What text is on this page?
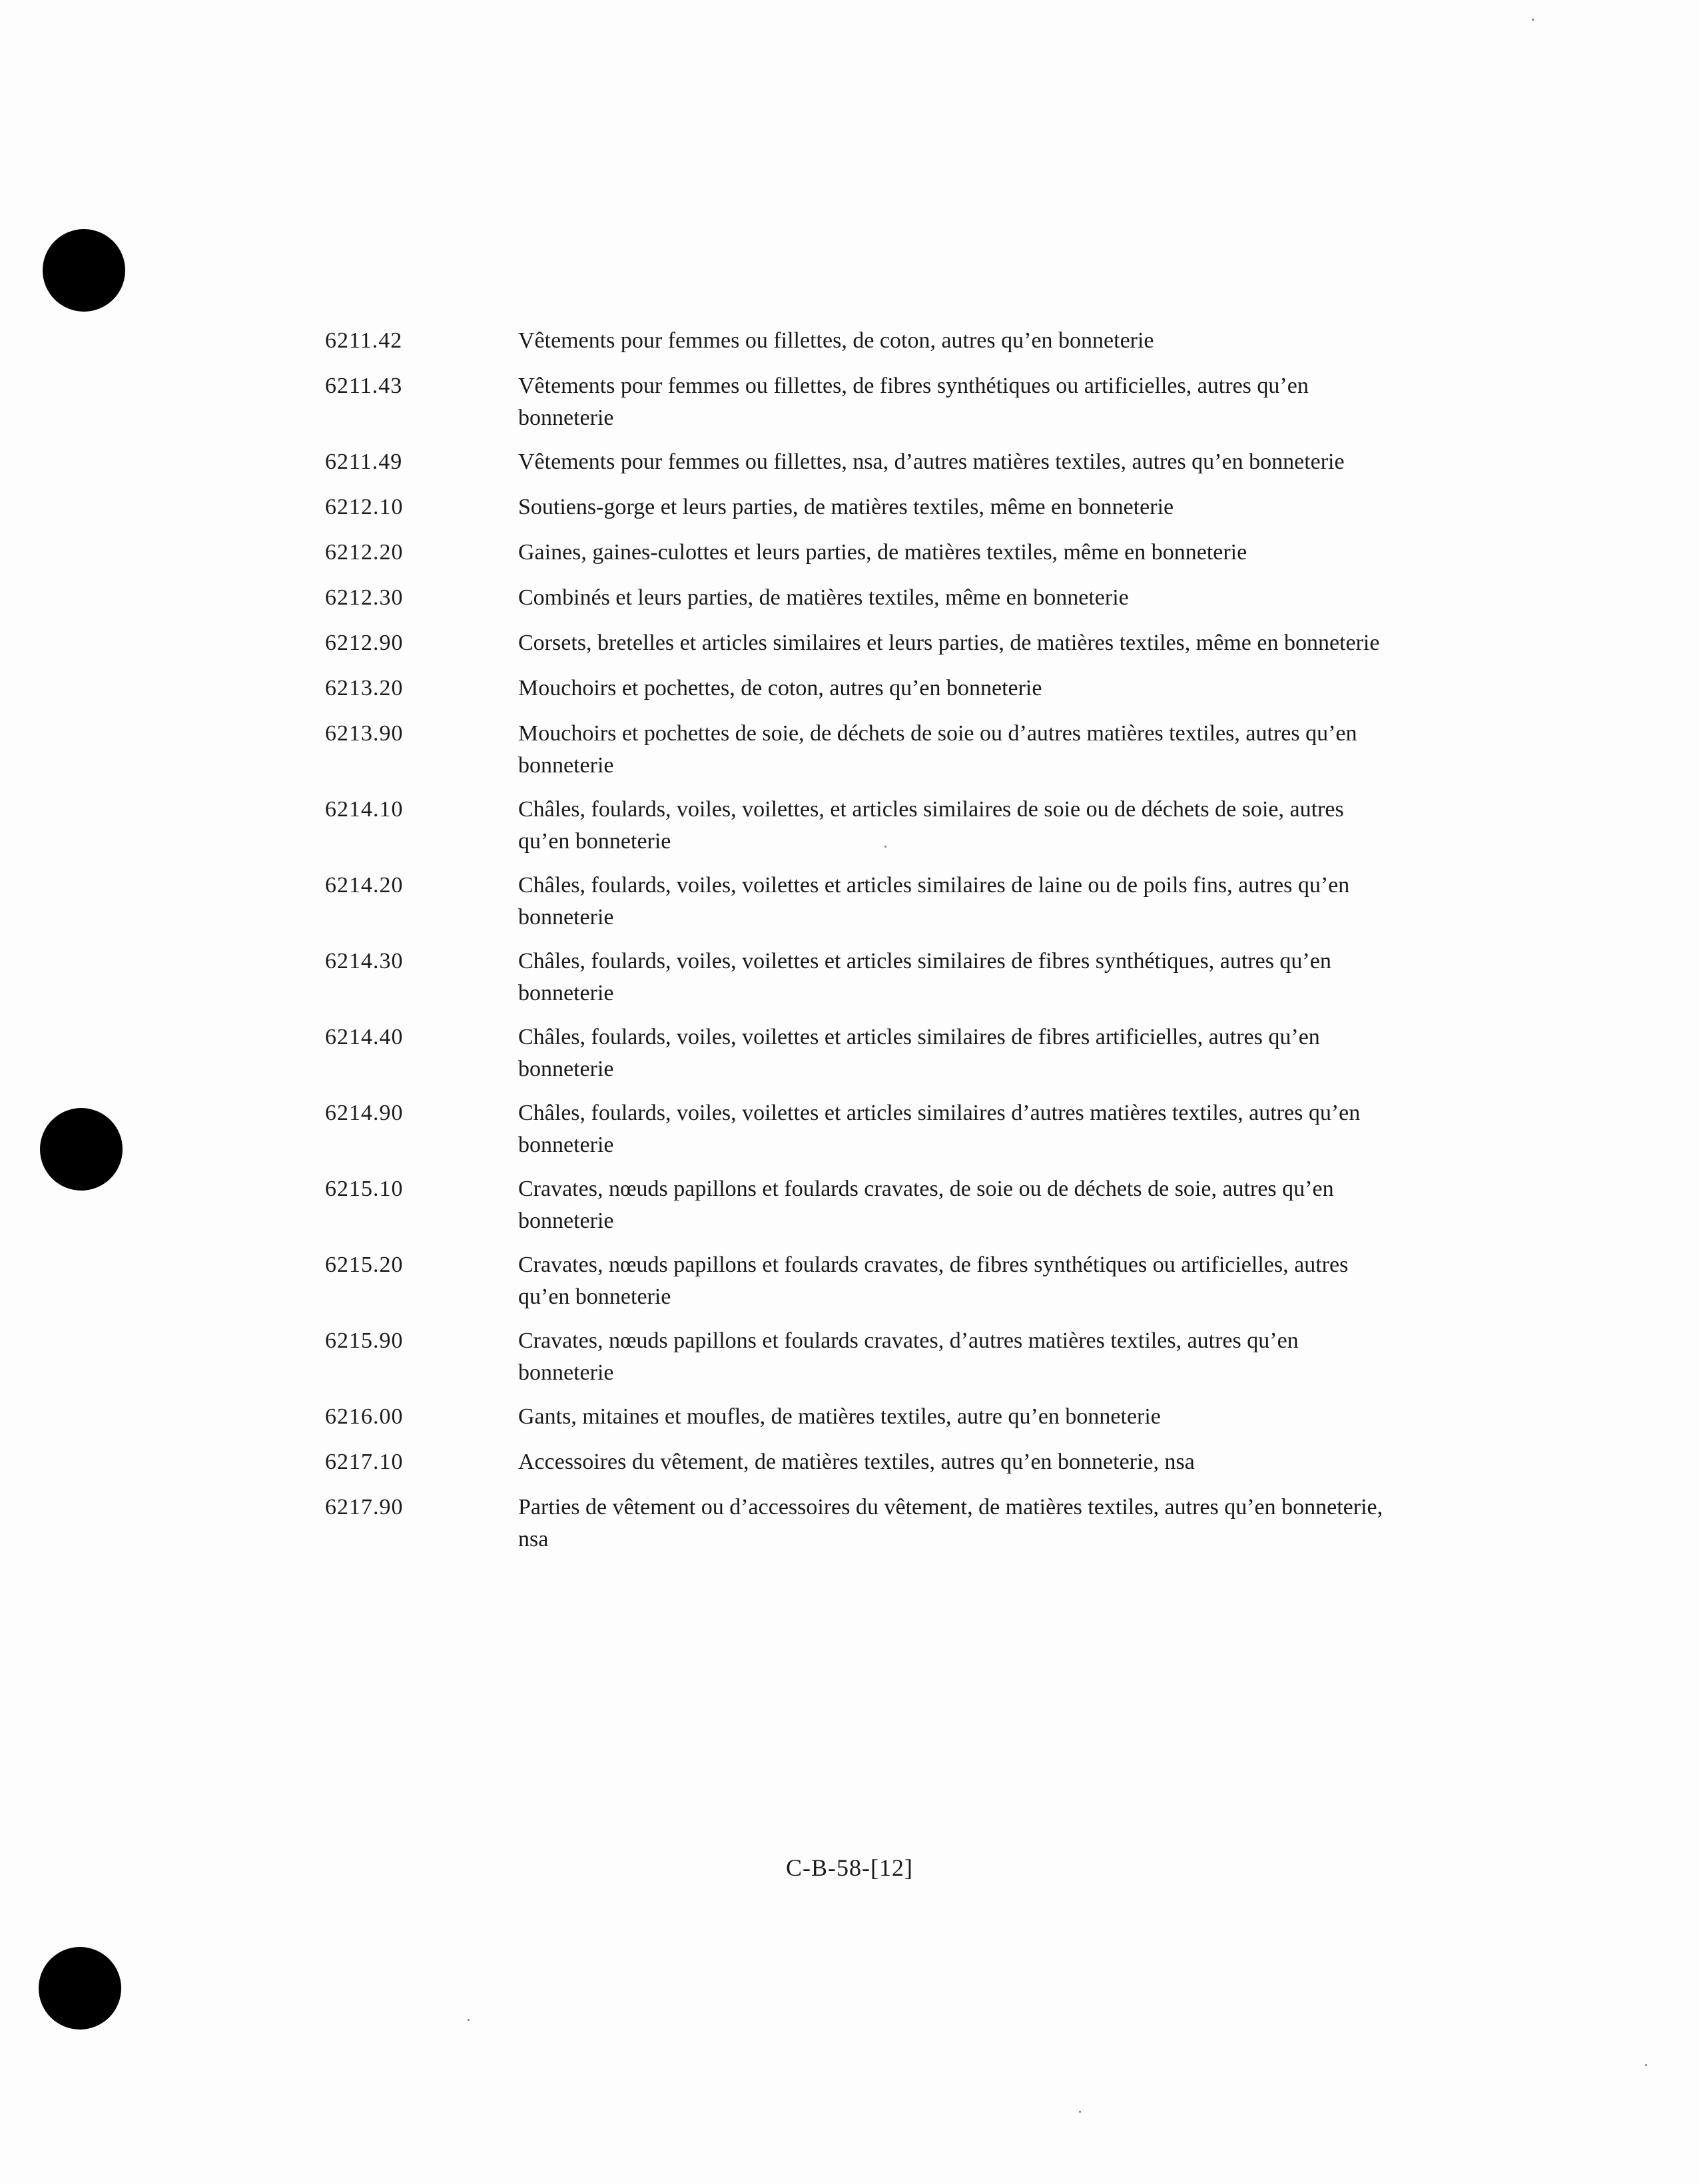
6211.42	Vêtements pour femmes ou fillettes, de coton, autres qu’en bonneterie
6211.43	Vêtements pour femmes ou fillettes, de fibres synthétiques ou artificielles, autres qu’en bonneterie
6211.49	Vêtements pour femmes ou fillettes, nsa, d’autres matières textiles, autres qu’en bonneterie
6212.10	Soutiens-gorge et leurs parties, de matières textiles, même en bonneterie
6212.20	Gaines, gaines-culottes et leurs parties, de matières textiles, même en bonneterie
6212.30	Combinés et leurs parties, de matières textiles, même en bonneterie
6212.90	Corsets, bretelles et articles similaires et leurs parties, de matières textiles, même en bonneterie
6213.20	Mouchoirs et pochettes, de coton, autres qu’en bonneterie
6213.90	Mouchoirs et pochettes de soie, de déchets de soie ou d’autres matières textiles, autres qu’en bonneterie
6214.10	Châles, foulards, voiles, voilettes, et articles similaires de soie ou de déchets de soie, autres qu’en bonneterie
6214.20	Châles, foulards, voiles, voilettes et articles similaires de laine ou de poils fins, autres qu’en bonneterie
6214.30	Châles, foulards, voiles, voilettes et articles similaires de fibres synthétiques, autres qu’en bonneterie
6214.40	Châles, foulards, voiles, voilettes et articles similaires de fibres artificielles, autres qu’en bonneterie
6214.90	Châles, foulards, voiles, voilettes et articles similaires d’autres matières textiles, autres qu’en bonneterie
6215.10	Cravates, nœuds papillons et foulards cravates, de soie ou de déchets de soie, autres qu’en bonneterie
6215.20	Cravates, nœuds papillons et foulards cravates, de fibres synthétiques ou artificielles, autres qu’en bonneterie
6215.90	Cravates, nœuds papillons et foulards cravates, d’autres matières textiles, autres qu’en bonneterie
6216.00	Gants, mitaines et moufles, de matières textiles, autre qu’en bonneterie
6217.10	Accessoires du vêtement, de matières textiles, autres qu’en bonneterie, nsa
6217.90	Parties de vêtement ou d’accessoires du vêtement, de matières textiles, autres qu’en bonneterie, nsa
C-B-58-[12]
